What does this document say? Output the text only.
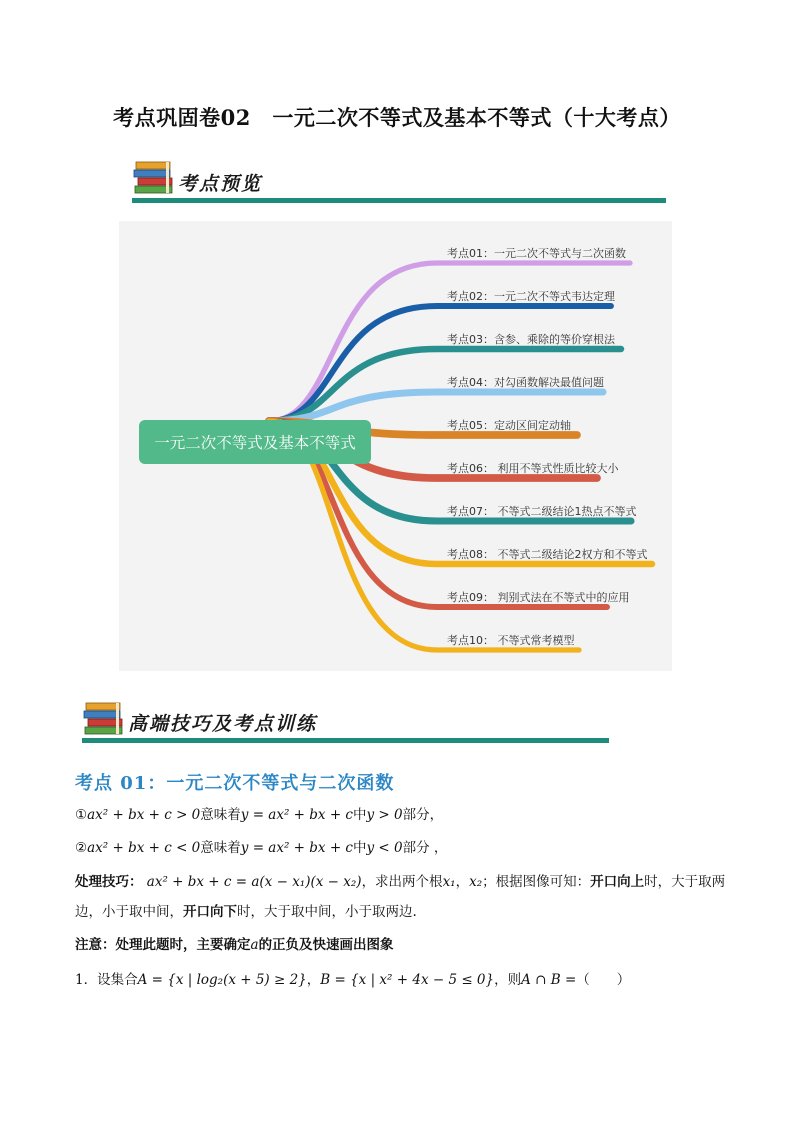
考点巩固卷02　一元二次不等式及基本不等式（十大考点）
考点预览
一元二次不等式及基本不等式
考点01：一元二次不等式与二次函数
考点02：一元二次不等式韦达定理
考点03：含参、乘除的等价穿根法
考点04：对勾函数解决最值问题
考点05：定动区间定动轴
考点06： 利用不等式性质比较大小
考点07： 不等式二级结论1热点不等式
考点08： 不等式二级结论2权方和不等式
考点09： 判别式法在不等式中的应用
考点10： 不等式常考模型
高端技巧及考点训练
考点 01：一元二次不等式与二次函数
①ax² + bx + c > 0意味着y = ax² + bx + c中y > 0部分，
②ax² + bx + c < 0意味着y = ax² + bx + c中y < 0部分 ，
处理技巧： ax² + bx + c = a(x − x₁)(x − x₂)，求出两个根x₁，x₂；根据图像可知：开口向上时，大于取两
边，小于取中间，开口向下时，大于取中间，小于取两边.
注意：处理此题时，主要确定a的正负及快速画出图象
1．设集合A = {x | log₂(x + 5) ≥ 2}，B = {x | x² + 4x − 5 ≤ 0}，则A ∩ B =（　　）
